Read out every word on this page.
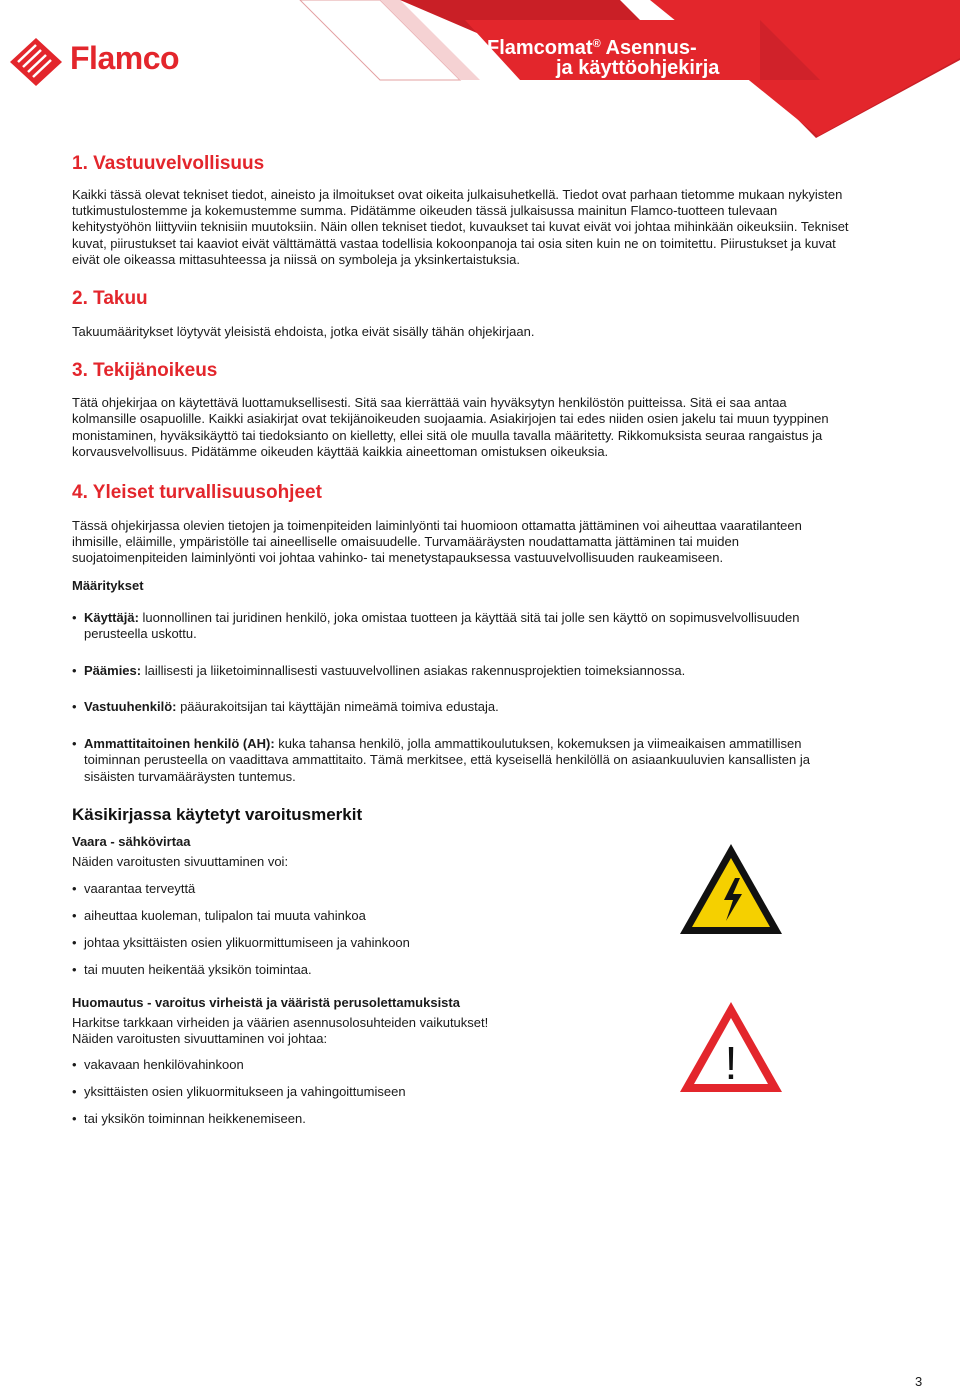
Flamco	Flamcomat® Asennus-
ja käyttöohjekirja
1. Vastuuvelvollisuus

Kaikki tässä olevat tekniset tiedot, aineisto ja ilmoitukset ovat oikeita julkaisuhetkellä. Tiedot ovat parhaan tietomme mukaan nykyisten tutkimustulostemme ja kokemustemme summa. Pidätämme oikeuden tässä julkaisussa mainitun Flamco-tuotteen tulevaan kehitystyöhön liittyviin teknisiin muutoksiin. Näin ollen tekniset tiedot, kuvaukset tai kuvat eivät voi johtaa mihinkään oikeuksiin. Tekniset kuvat, piirustukset tai kaaviot eivät välttämättä vastaa todellisia kokoonpanoja tai osia siten kuin ne on toimitettu. Piirustukset ja kuvat eivät ole oikeassa mittasuhteessa ja niissä on symboleja ja yksinkertaistuksia.

2. Takuu

Takuumääritykset löytyvät yleisistä ehdoista, jotka eivät sisälly tähän ohjekirjaan.

3. Tekijänoikeus

Tätä ohjekirjaa on käytettävä luottamuksellisesti. Sitä saa kierrättää vain hyväksytyn henkilöstön puitteissa. Sitä ei saa antaa kolmansille osapuolille. Kaikki asiakirjat ovat tekijänoikeuden suojaamia. Asiakirjojen tai edes niiden osien jakelu tai muun tyyppinen monistaminen, hyväksikäyttö tai tiedoksianto on kielletty, ellei sitä ole muulla tavalla määritetty. Rikkomuksista seuraa rangaistus ja korvausvelvollisuus. Pidätämme oikeuden käyttää kaikkia aineettoman omistuksen oikeuksia.

4. Yleiset turvallisuusohjeet

Tässä ohjekirjassa olevien tietojen ja toimenpiteiden laiminlyönti tai huomioon ottamatta jättäminen voi aiheuttaa vaaratilanteen ihmisille, eläimille, ympäristölle tai aineelliselle omaisuudelle. Turvamääräysten noudattamatta jättäminen tai muiden suojatoimenpiteiden laiminlyönti voi johtaa vahinko- tai menetystapauksessa vastuuvelvollisuuden raukeamiseen.

Määritykset

• Käyttäjä: luonnollinen tai juridinen henkilö, joka omistaa tuotteen ja käyttää sitä tai jolle sen käyttö on sopimusvelvollisuuden perusteella uskottu.
• Päämies: laillisesti ja liiketoiminnallisesti vastuuvelvollinen asiakas rakennusprojektien toimeksiannossa.
• Vastuuhenkilö: pääurakoitsijan tai käyttäjän nimeämä toimiva edustaja.
• Ammattitaitoinen henkilö (AH): kuka tahansa henkilö, jolla ammattikoulutuksen, kokemuksen ja viimeaikaisen ammatillisen toiminnan perusteella on vaadittava ammattitaito. Tämä merkitsee, että kyseisellä henkilöllä on asiaankuuluvien kansallisten ja sisäisten turvamääräysten tuntemus.
Käsikirjassa käytetyt varoitusmerkit

Vaara - sähkövirtaa

Näiden varoitusten sivuuttaminen voi:

• vaarantaa terveyttä
• aiheuttaa kuoleman, tulipalon tai muuta vahinkoa
• johtaa yksittäisten osien ylikuormittumiseen ja vahinkoon
• tai muuten heikentää yksikön toimintaa.

Huomautus - varoitus virheistä ja vääristä perusolettamuksista

Harkitse tarkkaan virheiden ja väärien asennusolosuhteiden vaikutukset!

Näiden varoitusten sivuuttaminen voi johtaa:

• vakavaan henkilövahinkoon
• yksittäisten osien ylikuormitukseen ja vahingoittumiseen
• tai yksikön toiminnan heikkenemiseen.
!
3
